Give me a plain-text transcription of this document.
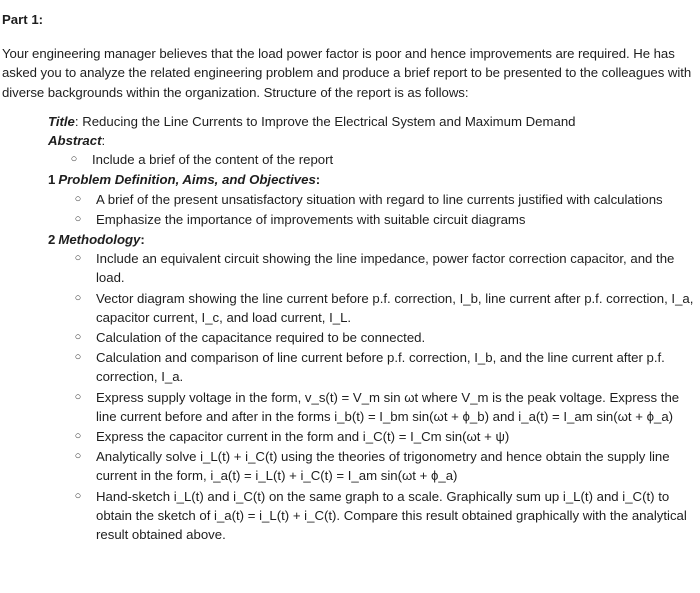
Part 1:
Your engineering manager believes that the load power factor is poor and hence improvements are required. He has asked you to analyze the related engineering problem and produce a brief report to be presented to the colleagues with diverse backgrounds within the organization. Structure of the report is as follows:
Title: Reducing the Line Currents to Improve the Electrical System and Maximum Demand
Abstract:
○ Include a brief of the content of the report
1 Problem Definition, Aims, and Objectives:
○ A brief of the present unsatisfactory situation with regard to line currents justified with calculations
○ Emphasize the importance of improvements with suitable circuit diagrams
2 Methodology:
○ Include an equivalent circuit showing the line impedance, power factor correction capacitor, and the load.
○ Vector diagram showing the line current before p.f. correction, I_b, line current after p.f. correction, I_a, capacitor current, I_c, and load current, I_L.
○ Calculation of the capacitance required to be connected.
○ Calculation and comparison of line current before p.f. correction, I_b, and the line current after p.f. correction, I_a.
○ Express supply voltage in the form, v_s(t) = V_m sin ωt where V_m is the peak voltage. Express the line current before and after in the forms i_b(t) = I_bm sin(ωt + ϕ_b) and i_a(t) = I_am sin(ωt + ϕ_a)
○ Express the capacitor current in the form and i_C(t) = I_Cm sin(ωt + ψ)
○ Analytically solve i_L(t) + i_C(t) using the theories of trigonometry and hence obtain the supply line current in the form, i_a(t) = i_L(t) + i_C(t) = I_am sin(ωt + ϕ_a)
○ Hand-sketch i_L(t) and i_C(t) on the same graph to a scale. Graphically sum up i_L(t) and i_C(t) to obtain the sketch of i_a(t) = i_L(t) + i_C(t). Compare this result obtained graphically with the analytical result obtained above.
